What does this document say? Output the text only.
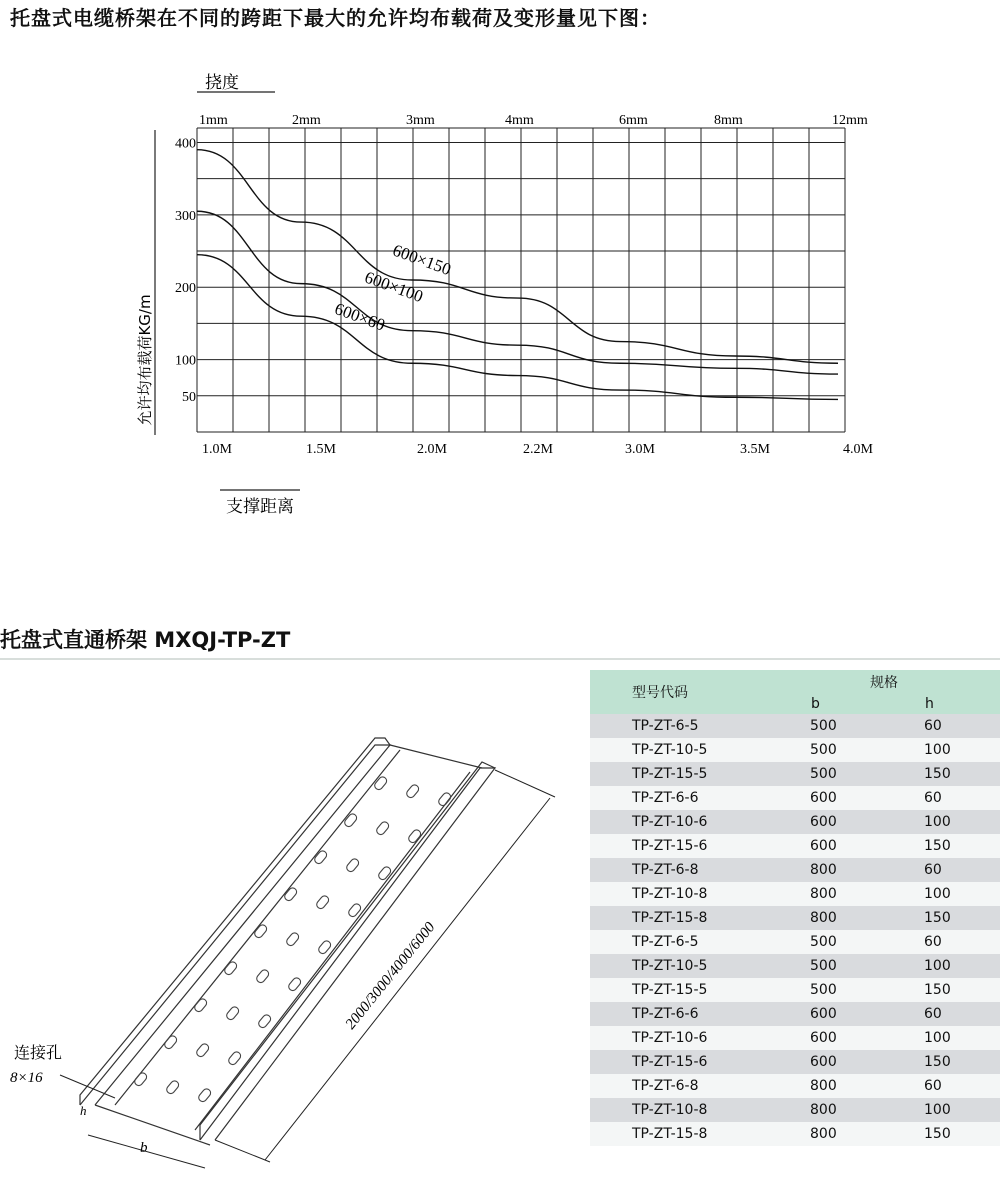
托盘式电缆桥架在不同的跨距下最大的允许均布载荷及变形量见下图：
挠度
1mm	2mm	3mm	4mm	6mm	8mm	12mm
400
300
200
100
50
允许均布载荷KG/m
1.0M	1.5M	2.0M	2.2M	3.0M	3.5M	4.0M
支撑距离
600×150
600×100
600×60
托盘式直通桥架 MXQJ-TP-ZT
2000/3000/4000/6000
b
h
连接孔
8×16
型号代码	规格	
	b	h
TP-ZT-6-5	500	60
TP-ZT-10-5	500	100
TP-ZT-15-5	500	150
TP-ZT-6-6	600	60
TP-ZT-10-6	600	100
TP-ZT-15-6	600	150
TP-ZT-6-8	800	60
TP-ZT-10-8	800	100
TP-ZT-15-8	800	150
TP-ZT-6-5	500	60
TP-ZT-10-5	500	100
TP-ZT-15-5	500	150
TP-ZT-6-6	600	60
TP-ZT-10-6	600	100
TP-ZT-15-6	600	150
TP-ZT-6-8	800	60
TP-ZT-10-8	800	100
TP-ZT-15-8	800	150
